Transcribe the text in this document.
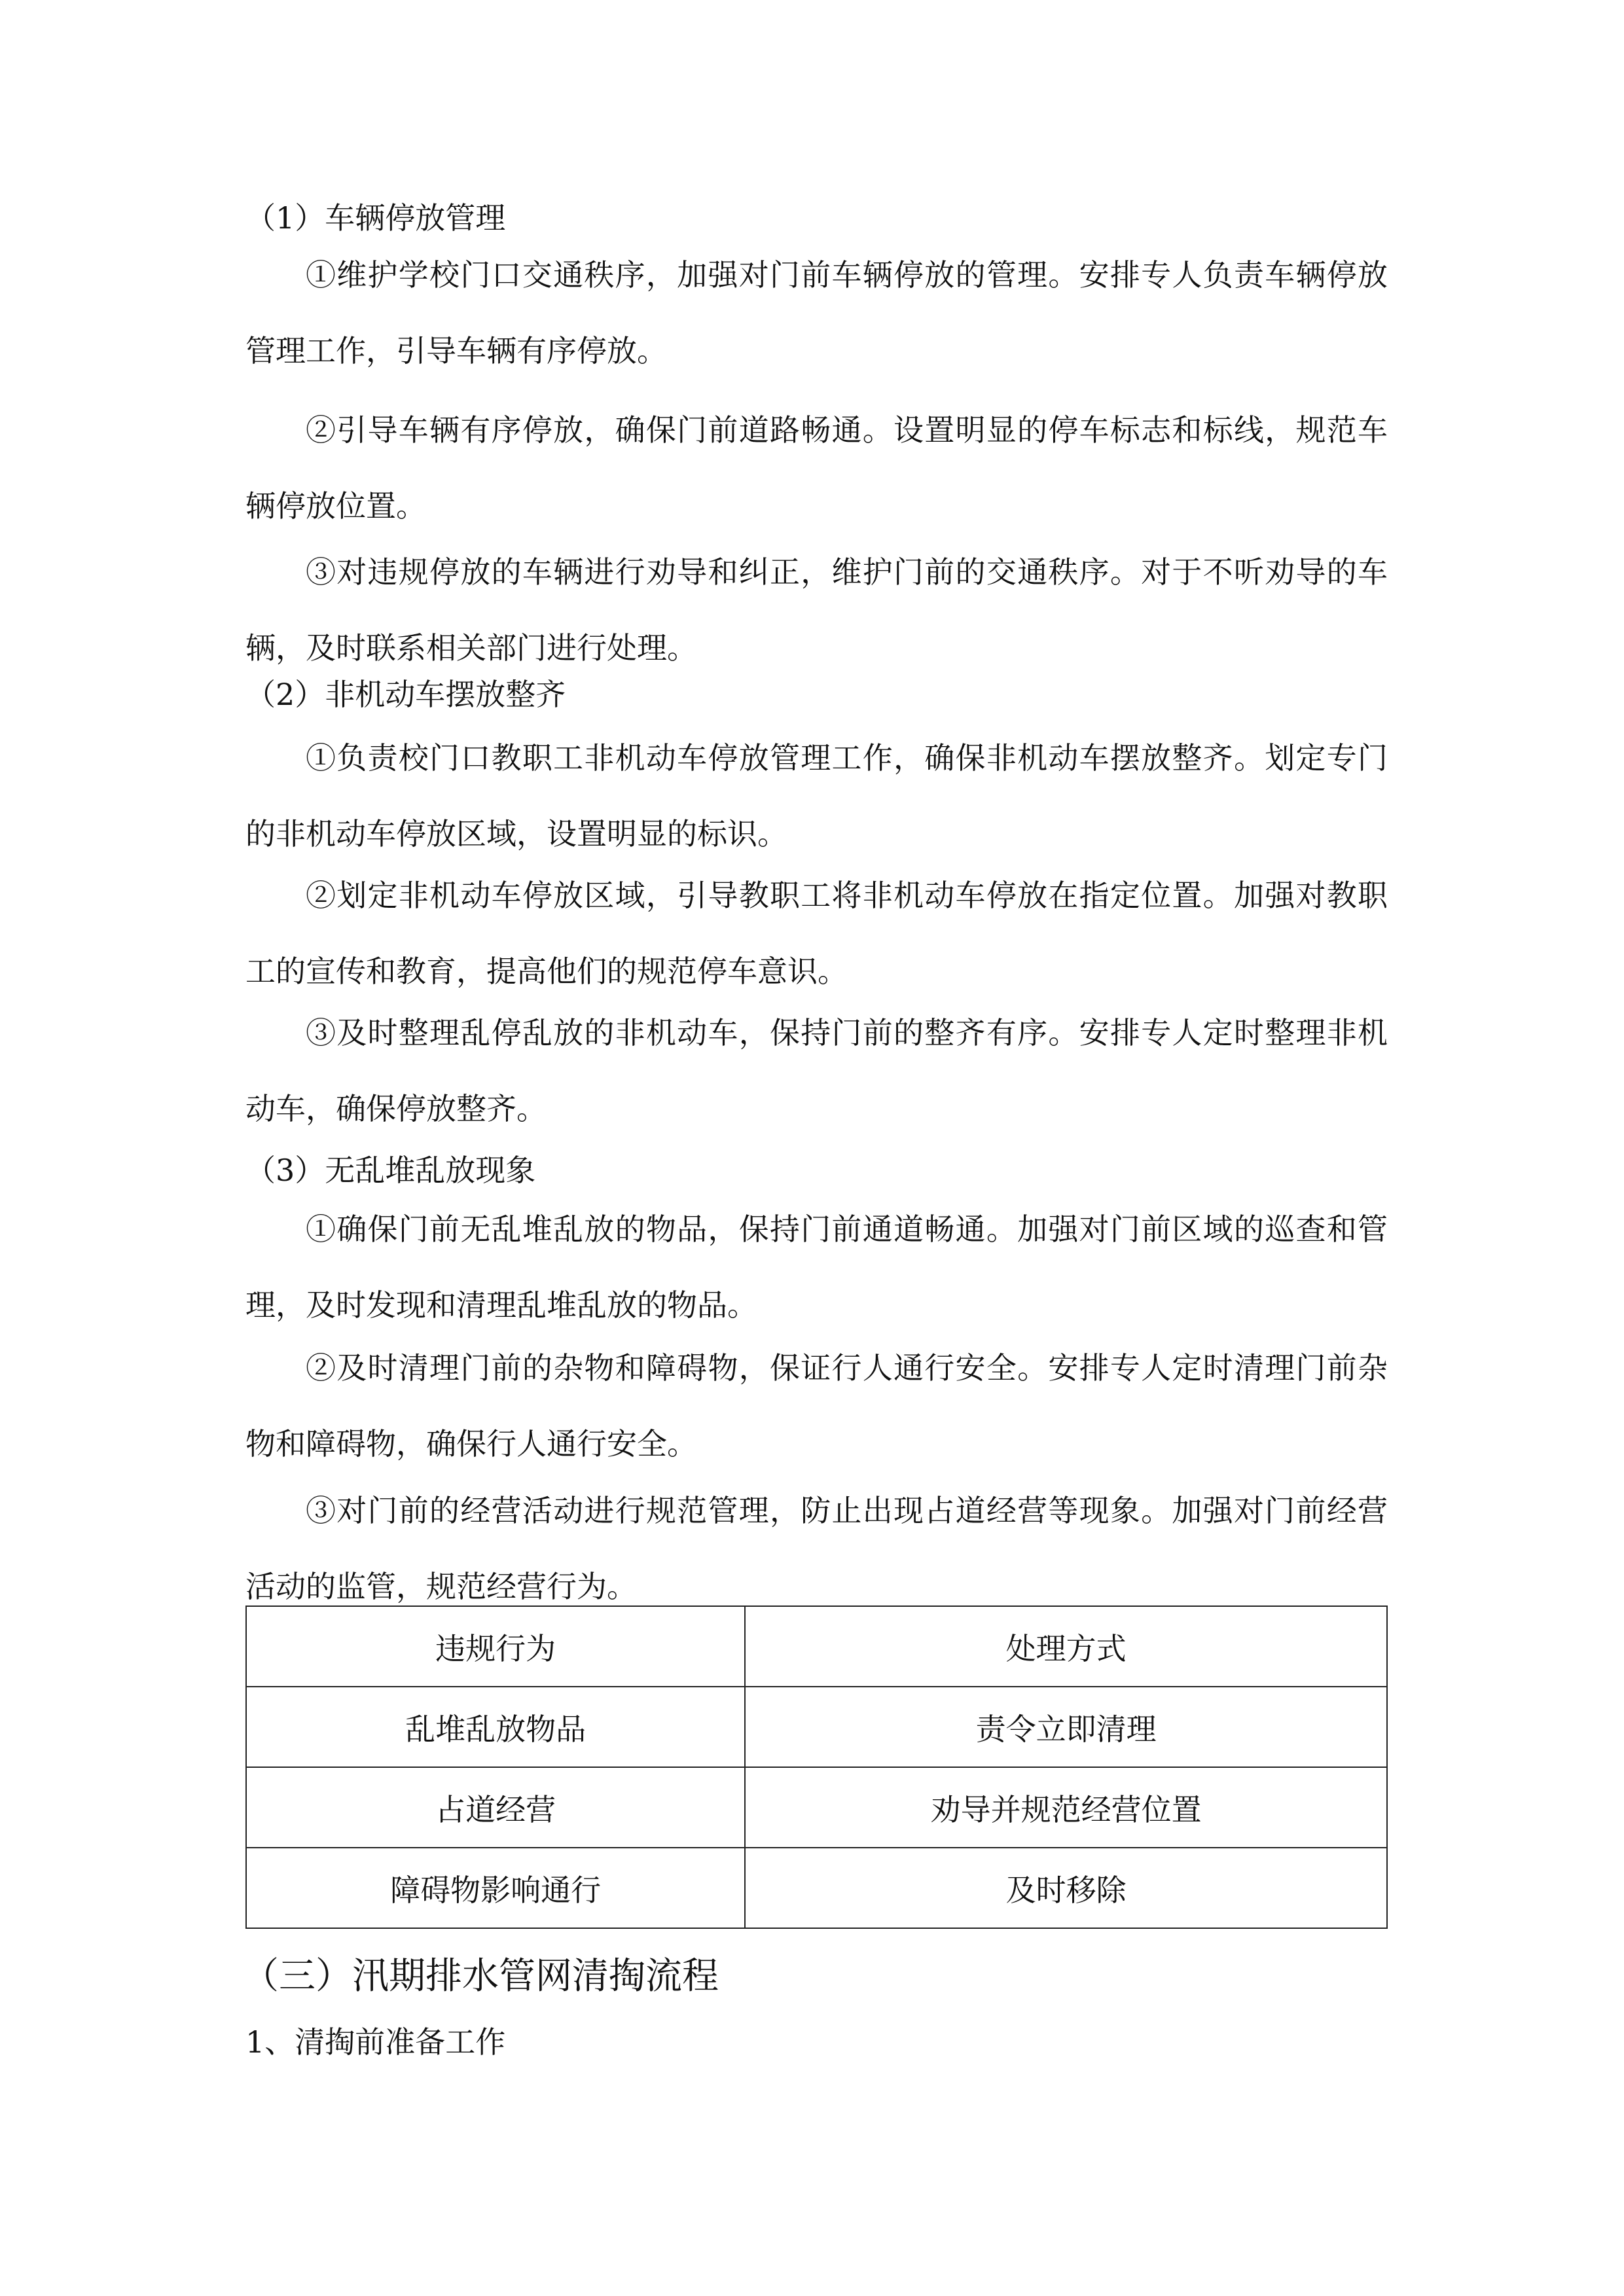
（1）车辆停放管理

①维护学校门口交通秩序，加强对门前车辆停放的管理。安排专人负责车辆停放管理工作，引导车辆有序停放。

②引导车辆有序停放，确保门前道路畅通。设置明显的停车标志和标线，规范车辆停放位置。

③对违规停放的车辆进行劝导和纠正，维护门前的交通秩序。对于不听劝导的车辆，及时联系相关部门进行处理。

（2）非机动车摆放整齐

①负责校门口教职工非机动车停放管理工作，确保非机动车摆放整齐。划定专门的非机动车停放区域，设置明显的标识。

②划定非机动车停放区域，引导教职工将非机动车停放在指定位置。加强对教职工的宣传和教育，提高他们的规范停车意识。

③及时整理乱停乱放的非机动车，保持门前的整齐有序。安排专人定时整理非机动车，确保停放整齐。

（3）无乱堆乱放现象

①确保门前无乱堆乱放的物品，保持门前通道畅通。加强对门前区域的巡查和管理，及时发现和清理乱堆乱放的物品。

②及时清理门前的杂物和障碍物，保证行人通行安全。安排专人定时清理门前杂物和障碍物，确保行人通行安全。

③对门前的经营活动进行规范管理，防止出现占道经营等现象。加强对门前经营活动的监管，规范经营行为。

违规行为	处理方式
乱堆乱放物品	责令立即清理
占道经营	劝导并规范经营位置
障碍物影响通行	及时移除
（三）汛期排水管网清掏流程
1、清掏前准备工作
